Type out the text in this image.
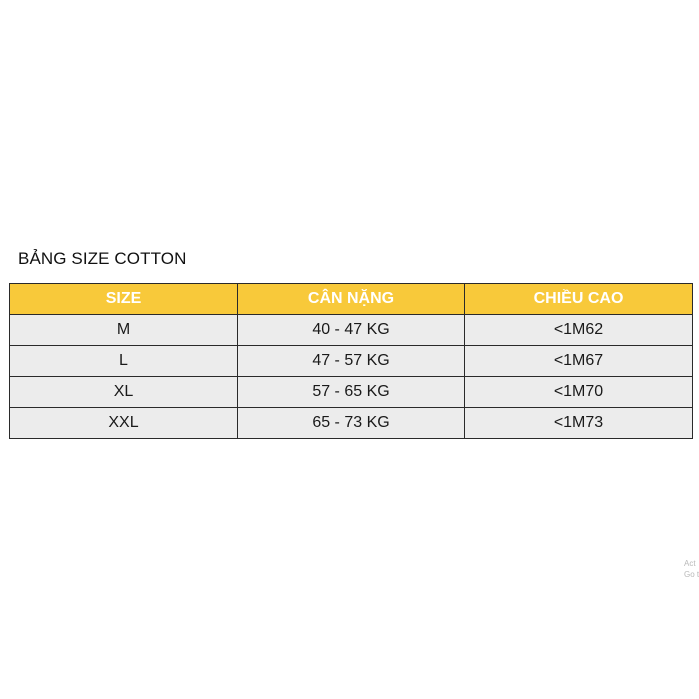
BẢNG SIZE COTTON
SIZE	CÂN NẶNG	CHIỀU CAO
M	40 - 47 KG	<1M62
L	47 - 57 KG	<1M67
XL	57 - 65 KG	<1M70
XXL	65 - 73 KG	<1M73
Act
Go t
